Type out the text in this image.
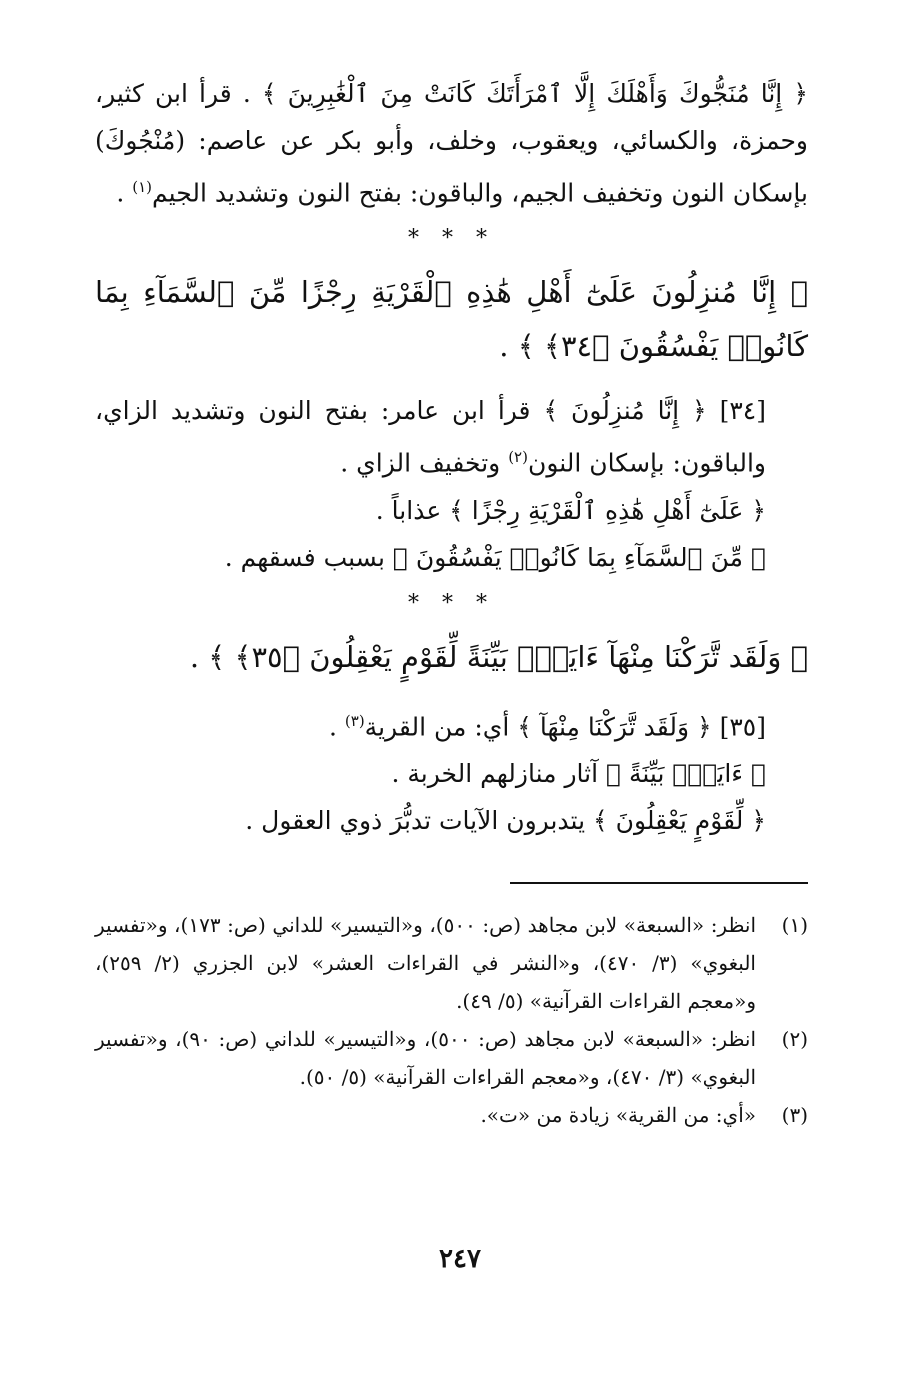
﴿ إِنَّا مُنَجُّوكَ وَأَهْلَكَ إِلَّا ٱمْرَأَتَكَ كَانَتْ مِنَ ٱلْغَٰبِرِينَ ﴾ . قرأ ابن كثير، وحمزة، والكسائي، ويعقوب، وخلف، وأبو بكر عن عاصم: (مُنْجُوكَ) بإسكان النون وتخفيف الجيم، والباقون: بفتح النون وتشديد الجيم$^{(١)}$ .

* * *

﴿ إِنَّا مُنزِلُونَ عَلَىٰٓ أَهْلِ هَٰذِهِ ٱلْقَرْيَةِ رِجْزًا مِّنَ ٱلسَّمَآءِ بِمَا كَانُوا۟ يَفْسُقُونَ ﴿٣٤﴾ ﴾ .

[٣٤] ﴿ إِنَّا مُنزِلُونَ ﴾ قرأ ابن عامر: بفتح النون وتشديد الزاي، والباقون: بإسكان النون$^{(٢)}$ وتخفيف الزاي .

﴿ عَلَىٰٓ أَهْلِ هَٰذِهِ ٱلْقَرْيَةِ رِجْزًا ﴾ عذاباً .

﴿ مِّنَ ٱلسَّمَآءِ بِمَا كَانُوا۟ يَفْسُقُونَ ﴾ بسبب فسقهم .

* * *

﴿ وَلَقَد تَّرَكْنَا مِنْهَآ ءَايَةًۢ بَيِّنَةً لِّقَوْمٍ يَعْقِلُونَ ﴿٣٥﴾ ﴾ .

[٣٥] ﴿ وَلَقَد تَّرَكْنَا مِنْهَآ ﴾ أي: من القرية$^{(٣)}$ .

﴿ ءَايَةًۢ بَيِّنَةً ﴾ آثار منازلهم الخربة .

﴿ لِّقَوْمٍ يَعْقِلُونَ ﴾ يتدبرون الآيات تدبُّرَ ذوي العقول .

(١)
انظر: «السبعة» لابن مجاهد (ص: ٥٠٠)، و«التيسير» للداني (ص: ١٧٣)، و«تفسير البغوي» (٣/ ٤٧٠)، و«النشر في القراءات العشر» لابن الجزري (٢/ ٢٥٩)، و«معجم القراءات القرآنية» (٥/ ٤٩).
(٢)
انظر: «السبعة» لابن مجاهد (ص: ٥٠٠)، و«التيسير» للداني (ص: ٩٠)، و«تفسير البغوي» (٣/ ٤٧٠)، و«معجم القراءات القرآنية» (٥/ ٥٠).
(٣)
«أي: من القرية» زيادة من «ت».
٢٤٧
